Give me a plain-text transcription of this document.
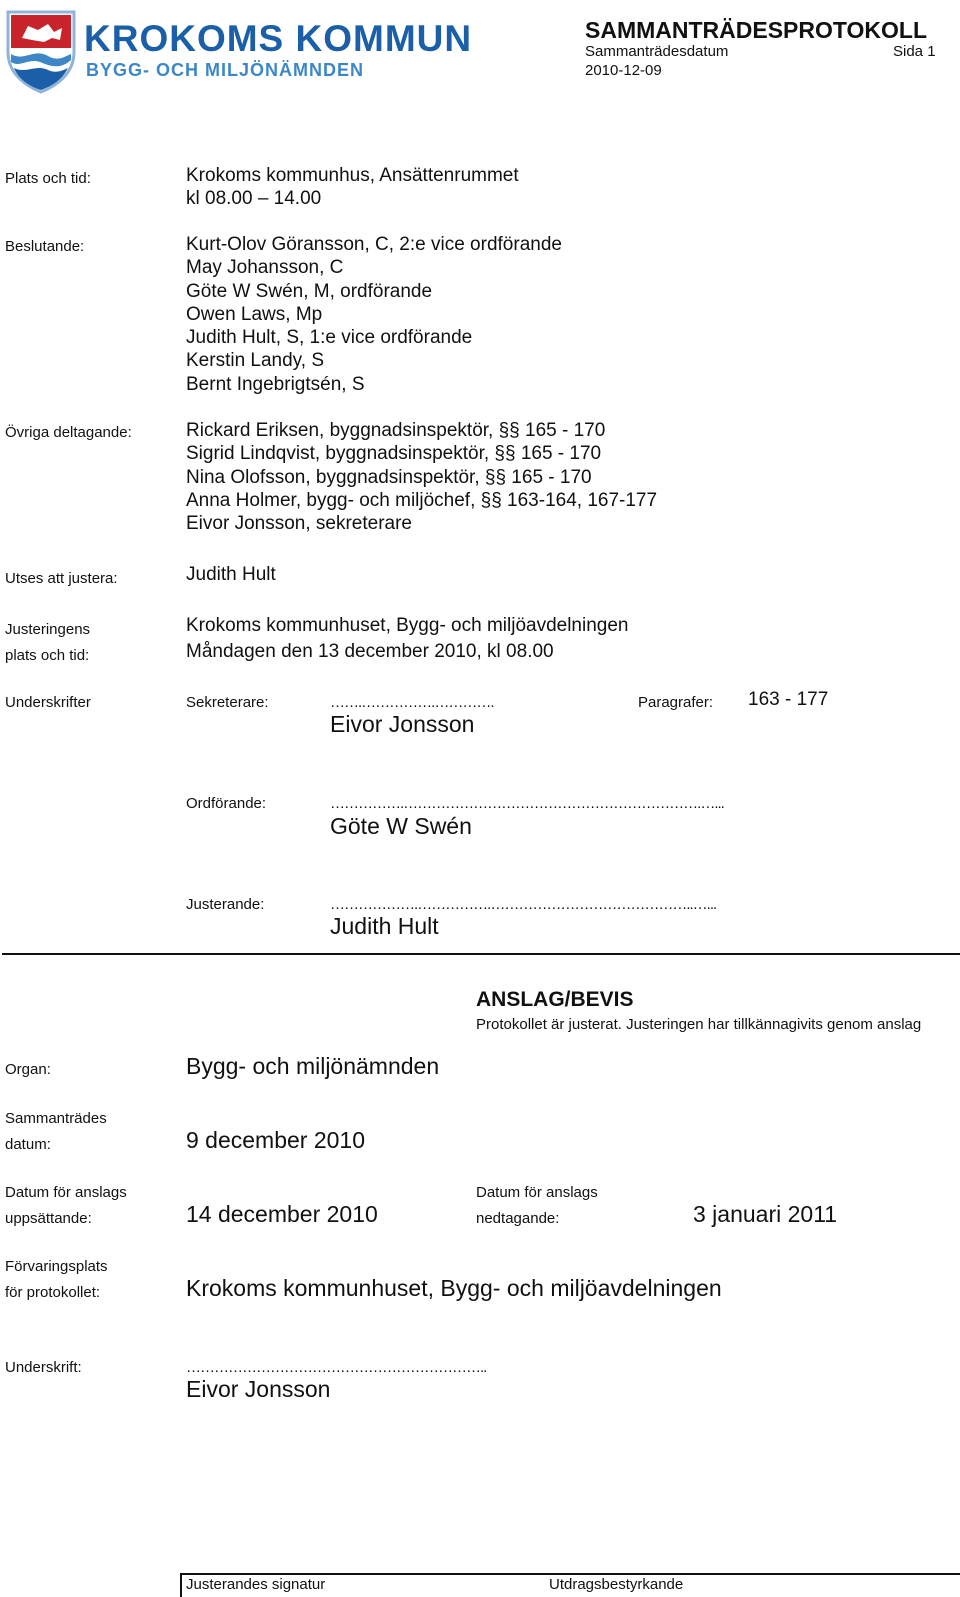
KROKOMS KOMMUN
BYGG- OCH MILJÖNÄMNDEN
SAMMANTRÄDESPROTOKOLL
Sammanträdesdatum	Sida 1
2010-12-09
Plats och tid:	Krokoms kommunhus, Ansättenrummet
kl 08.00 – 14.00
Beslutande:	Kurt-Olov Göransson, C, 2:e vice ordförande
May Johansson, C
Göte W Swén, M, ordförande
Owen Laws, Mp
Judith Hult, S, 1:e vice ordförande
Kerstin Landy, S
Bernt Ingebrigtsén, S
Övriga deltagande:	Rickard Eriksen, byggnadsinspektör, §§ 165 - 170
Sigrid Lindqvist, byggnadsinspektör, §§ 165 - 170
Nina Olofsson, byggnadsinspektör, §§ 165 - 170
Anna Holmer, bygg- och miljöchef, §§ 163-164, 167-177
Eivor Jonsson, sekreterare
Utses att justera:	Judith Hult
Justeringens
plats och tid:
Krokoms kommunhuset, Bygg- och miljöavdelningen
Måndagen den 13 december 2010, kl 08.00
Underskrifter	Sekreterare:	…….…………….………….	Paragrafer: 163 - 177
Eivor Jonsson
Ordförande:	…………….……………………………………………………….…...
Göte W Swén
Justerande:	……………….…………….……………………………………..…...
Judith Hult
ANSLAG/BEVIS
Protokollet är justerat. Justeringen har tillkännagivits genom anslag
Organ:	Bygg- och miljönämnden
Sammanträdes
datum:	9 december 2010
Datum för anslags
uppsättande:	14 december 2010
Datum för anslags
nedtagande:	3 januari 2011
Förvaringsplats
för protokollet:	Krokoms kommunhuset, Bygg- och miljöavdelningen
Underskrift:	………………………………………………………..
Eivor Jonsson
Justerandes signatur	Utdragsbestyrkande
